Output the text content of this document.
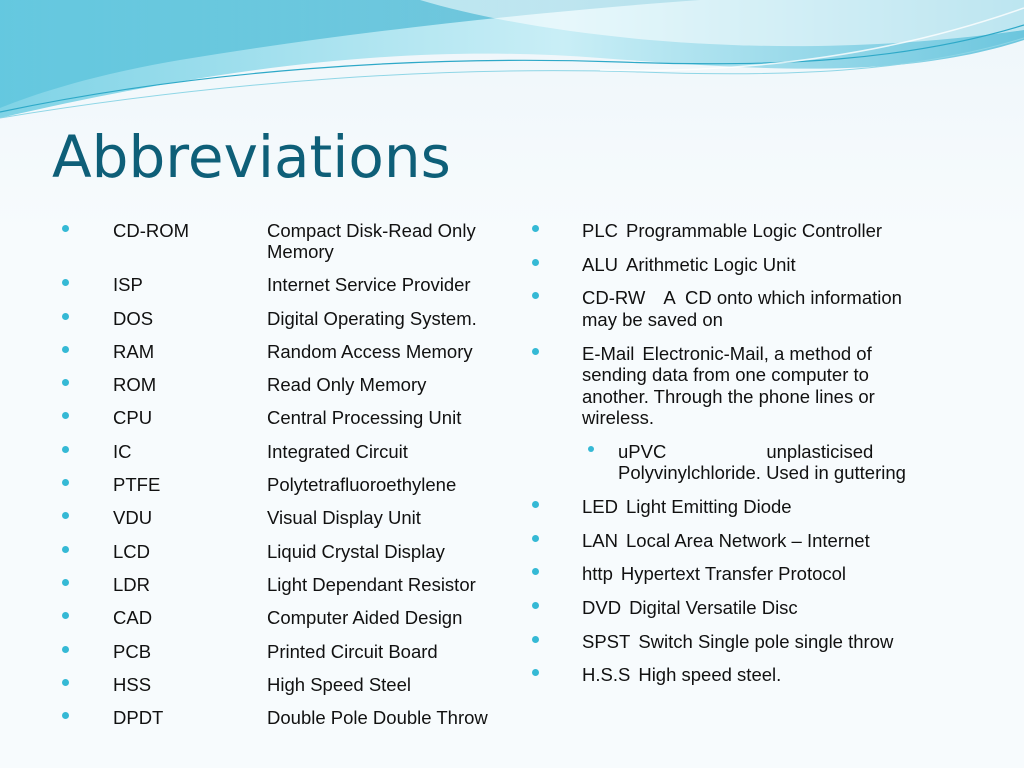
Abbreviations
CD-ROM	Compact Disk-Read Only Memory
ISP	Internet Service Provider
DOS	Digital Operating System.
RAM	Random Access Memory
ROM	Read Only Memory
CPU	Central Processing Unit
IC	Integrated Circuit
PTFE	Polytetrafluoroethylene
VDU	Visual Display Unit
LCD	Liquid Crystal Display
LDR	Light Dependant Resistor
CAD	Computer Aided Design
PCB	Printed Circuit Board
HSS	High Speed Steel
DPDT	Double Pole Double Throw
PLC Programmable Logic Controller
ALU Arithmetic Logic Unit
CD-RW A  CD onto which information may be saved on
E-Mail Electronic-Mail, a method of sending data from one computer to another. Through the phone lines or wireless.
uPVC	unplasticised Polyvinylchloride. Used in guttering
LED Light Emitting Diode
LAN Local Area Network – Internet
http Hypertext Transfer Protocol
DVD Digital Versatile Disc
SPST Switch Single pole single throw
H.S.S High speed steel.
